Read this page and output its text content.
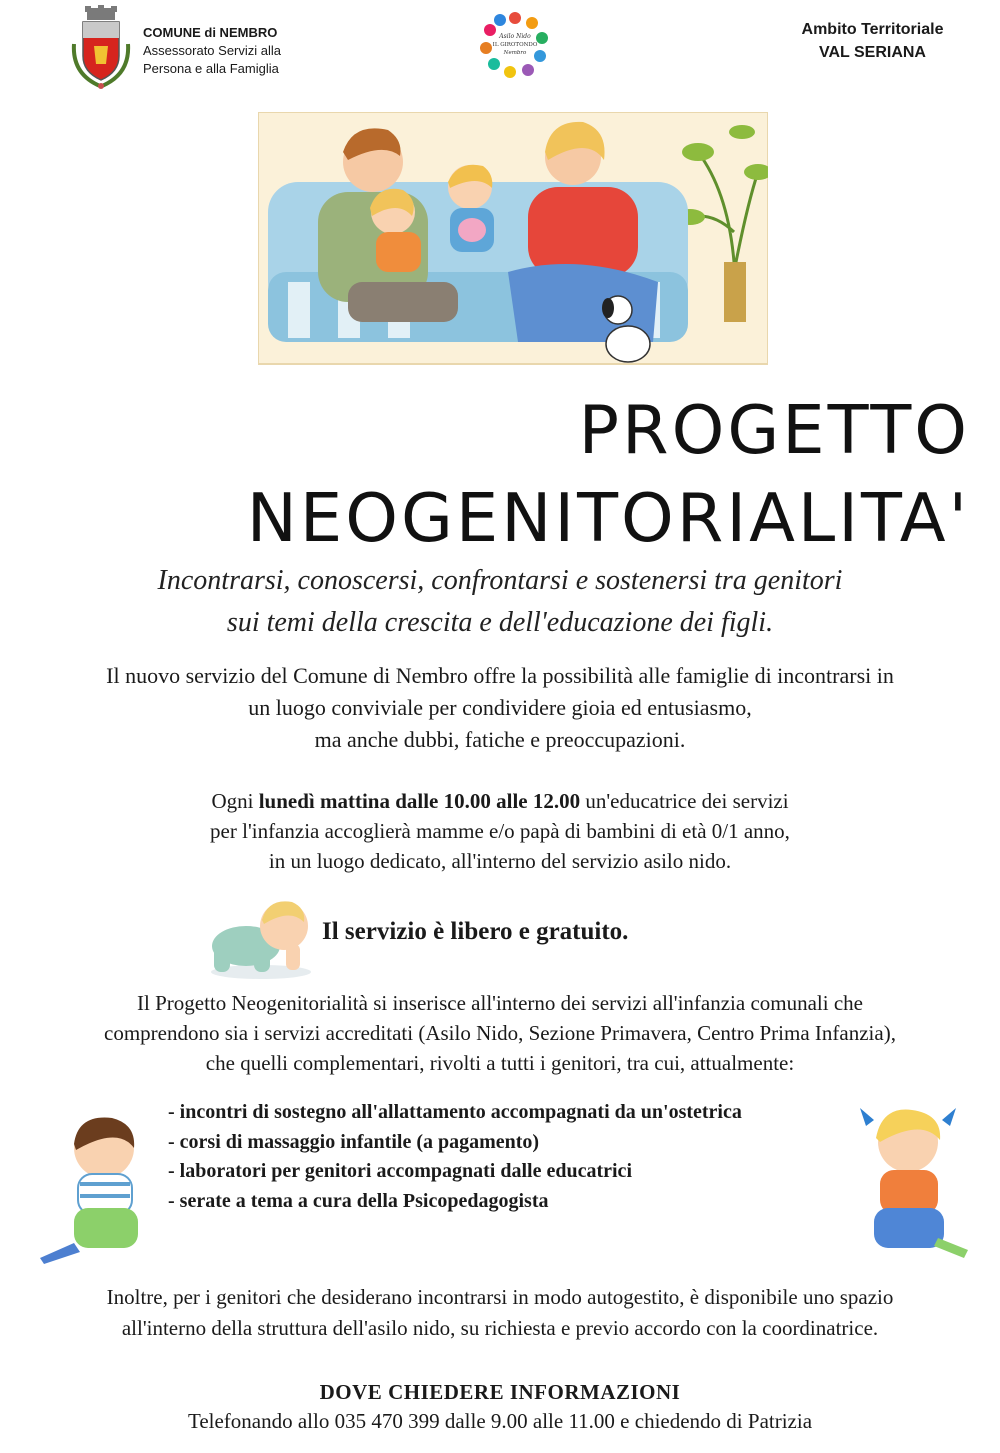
COMUNE di NEMBRO
Assessorato Servizi alla
Persona e alla Famiglia
Asilo Nido
IL GIROTONDO
Nembro
Ambito Territoriale
VAL SERIANA
PROGETTO
NEOGENITORIALITA'
Incontrarsi, conoscersi, confrontarsi e sostenersi tra genitori
sui temi della crescita e dell'educazione dei figli.
Il nuovo servizio del Comune di Nembro offre la possibilità alle famiglie di incontrarsi in
un luogo conviviale per condividere gioia ed entusiasmo,
ma anche dubbi, fatiche e preoccupazioni.
Ogni lunedì mattina dalle 10.00 alle 12.00 un'educatrice dei servizi
per l'infanzia accoglierà mamme e/o papà di bambini di età 0/1 anno,
in un luogo dedicato, all'interno del servizio asilo nido.
Il servizio è libero e gratuito.
Il Progetto Neogenitorialità si inserisce all'interno dei servizi all'infanzia comunali che
comprendono sia i servizi accreditati (Asilo Nido, Sezione Primavera, Centro Prima Infanzia),
che quelli complementari, rivolti a tutti i genitori, tra cui, attualmente:
- incontri di sostegno all'allattamento accompagnati da un'ostetrica
- corsi di massaggio infantile (a pagamento)
- laboratori per genitori accompagnati dalle educatrici
- serate a tema a cura della Psicopedagogista
Inoltre, per i genitori che desiderano incontrarsi in modo autogestito, è disponibile uno spazio
all'interno della struttura dell'asilo nido, su richiesta e previo accordo con la coordinatrice.
DOVE CHIEDERE INFORMAZIONI
Telefonando allo 035 470 399 dalle 9.00 alle 11.00 e chiedendo di Patrizia
